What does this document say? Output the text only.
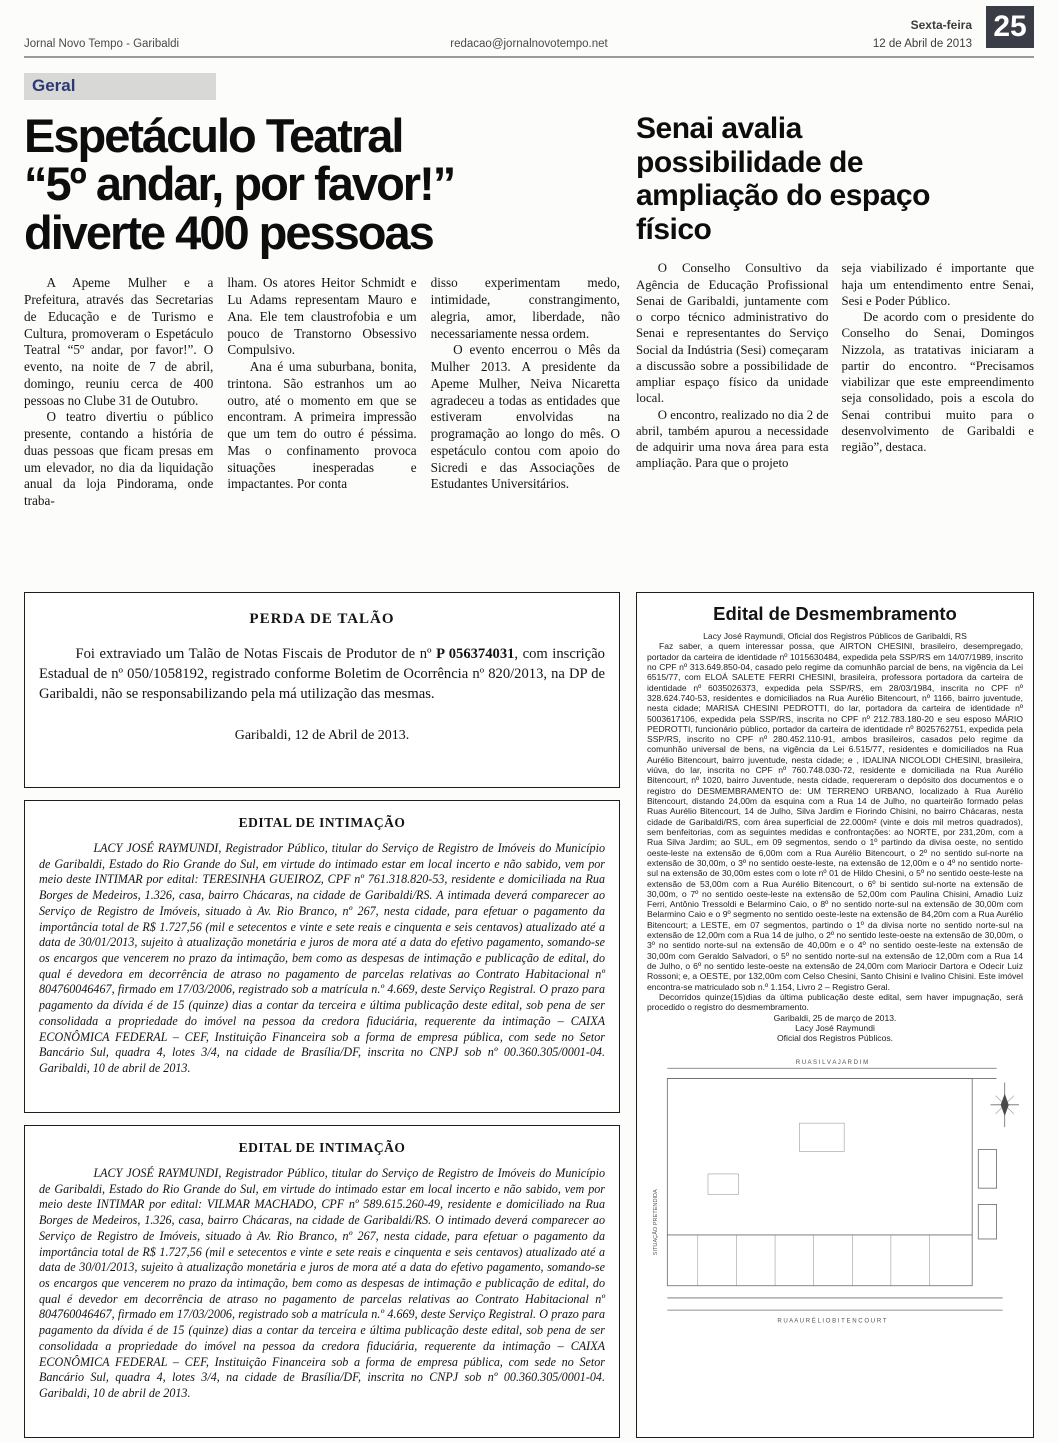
Jornal Novo Tempo - Garibaldi	redacao@jornalnovotempo.net
Sexta-feira
12 de Abril de 2013
25
Geral
Espetáculo Teatral
“5º andar, por favor!”
diverte 400 pessoas

A Apeme Mulher e a Prefeitura, através das Secretarias de Educação e de Turismo e Cultura, promoveram o Espetáculo Teatral “5º andar, por favor!”. O evento, na noite de 7 de abril, domingo, reuniu cerca de 400 pessoas no Clube 31 de Outubro.

O teatro divertiu o público presente, contando a história de duas pessoas que ficam presas em um elevador, no dia da liquidação anual da loja Pindorama, onde traba-

lham. Os atores Heitor Schmidt e Lu Adams representam Mauro e Ana. Ele tem claustrofobia e um pouco de Transtorno Obsessivo Compulsivo.

Ana é uma suburbana, bonita, trintona. São estranhos um ao outro, até o momento em que se encontram. A primeira impressão que um tem do outro é péssima. Mas o confinamento provoca situações inesperadas e impactantes. Por conta

disso experimentam medo, intimidade, constrangimento, alegria, amor, liberdade, não necessariamente nessa ordem.

O evento encerrou o Mês da Mulher 2013. A presidente da Apeme Mulher, Neiva Nicaretta agradeceu a todas as entidades que estiveram envolvidas na programação ao longo do mês. O espetáculo contou com apoio do Sicredi e das Associações de Estudantes Universitários.

Senai avalia possibilidade de ampliação do espaço físico

O Conselho Consultivo da Agência de Educação Profissional Senai de Garibaldi, juntamente com o corpo técnico administrativo do Senai e representantes do Serviço Social da Indústria (Sesi) começaram a discussão sobre a possibilidade de ampliar espaço físico da unidade local.

O encontro, realizado no dia 2 de abril, também apurou a necessidade de adquirir uma nova área para esta ampliação. Para que o projeto

seja viabilizado é importante que haja um entendimento entre Senai, Sesi e Poder Público.

De acordo com o presidente do Conselho do Senai, Domingos Nizzola, as tratativas iniciaram a partir do encontro. “Precisamos viabilizar que este empreendimento seja consolidado, pois a escola do Senai contribui muito para o desenvolvimento de Garibaldi e região”, destaca.

PERDA DE TALÃO

Foi extraviado um Talão de Notas Fiscais de Produtor de nº P 056374031, com inscrição Estadual de nº 050/1058192, registrado conforme Boletim de Ocorrência nº 820/2013, na DP de Garibaldi, não se responsabilizando pela má utilização das mesmas.

Garibaldi, 12 de Abril de 2013.

EDITAL DE INTIMAÇÃO

LACY JOSÉ RAYMUNDI, Registrador Público, titular do Serviço de Registro de Imóveis do Município de Garibaldi, Estado do Rio Grande do Sul, em virtude do intimado estar em local incerto e não sabido, vem por meio deste INTIMAR por edital: TERESINHA GUEIROZ, CPF nº 761.318.820-53, residente e domiciliada na Rua Borges de Medeiros, 1.326, casa, bairro Chácaras, na cidade de Garibaldi/RS. A intimada deverá comparecer ao Serviço de Registro de Imóveis, situado à Av. Rio Branco, nº 267, nesta cidade, para efetuar o pagamento da importância total de R$ 1.727,56 (mil e setecentos e vinte e sete reais e cinquenta e seis centavos) atualizado até a data de 30/01/2013, sujeito à atualização monetária e juros de mora até a data do efetivo pagamento, somando-se os encargos que vencerem no prazo da intimação, bem como as despesas de intimação e publicação de edital, do qual é devedora em decorrência de atraso no pagamento de parcelas relativas ao Contrato Habitacional nº 804760046467, firmado em 17/03/2006, registrado sob a matrícula n.º 4.669, deste Serviço Registral. O prazo para pagamento da dívida é de 15 (quinze) dias a contar da terceira e última publicação deste edital, sob pena de ser consolidada a propriedade do imóvel na pessoa da credora fiduciária, requerente da intimação – CAIXA ECONÔMICA FEDERAL – CEF, Instituição Financeira sob a forma de empresa pública, com sede no Setor Bancário Sul, quadra 4, lotes 3/4, na cidade de Brasília/DF, inscrita no CNPJ sob nº 00.360.305/0001-04. Garibaldi, 10 de abril de 2013.

EDITAL DE INTIMAÇÃO

LACY JOSÉ RAYMUNDI, Registrador Público, titular do Serviço de Registro de Imóveis do Município de Garibaldi, Estado do Rio Grande do Sul, em virtude do intimado estar em local incerto e não sabido, vem por meio deste INTIMAR por edital: VILMAR MACHADO, CPF nº 589.615.260-49, residente e domiciliado na Rua Borges de Medeiros, 1.326, casa, bairro Chácaras, na cidade de Garibaldi/RS. O intimado deverá comparecer ao Serviço de Registro de Imóveis, situado à Av. Rio Branco, nº 267, nesta cidade, para efetuar o pagamento da importância total de R$ 1.727,56 (mil e setecentos e vinte e sete reais e cinquenta e seis centavos) atualizado até a data de 30/01/2013, sujeito à atualização monetária e juros de mora até a data do efetivo pagamento, somando-se os encargos que vencerem no prazo da intimação, bem como as despesas de intimação e publicação de edital, do qual é devedor em decorrência de atraso no pagamento de parcelas relativas ao Contrato Habitacional nº 804760046467, firmado em 17/03/2006, registrado sob a matrícula n.º 4.669, deste Serviço Registral. O prazo para pagamento da dívida é de 15 (quinze) dias a contar da terceira e última publicação deste edital, sob pena de ser consolidada a propriedade do imóvel na pessoa da credora fiduciária, requerente da intimação – CAIXA ECONÔMICA FEDERAL – CEF, Instituição Financeira sob a forma de empresa pública, com sede no Setor Bancário Sul, quadra 4, lotes 3/4, na cidade de Brasília/DF, inscrita no CNPJ sob nº 00.360.305/0001-04. Garibaldi, 10 de abril de 2013.

Edital de Desmembramento

Lacy José Raymundi, Oficial dos Registros Públicos de Garibaldi, RS

Faz saber, a quem interessar possa, que AIRTON CHESINI, brasileiro, desempregado, portador da carteira de identidade nº 1015630484, expedida pela SSP/RS em 14/07/1989, inscrito no CPF nº 313.649.850-04, casado pelo regime da comunhão parcial de bens, na vigência da Lei 6515/77, com ELOÁ SALETE FERRI CHESINI, brasileira, professora portadora da carteira de identidade nº 6035026373, expedida pela SSP/RS, em 28/03/1984, inscrita no CPF nº 328.624.740-53, residentes e domiciliados na Rua Aurélio Bitencourt, nº 1166, bairro juventude, nesta cidade; MARISA CHESINI PEDROTTI, do lar, portadora da carteira de identidade nº 5003617106, expedida pela SSP/RS, inscrita no CPF nº 212.783.180-20 e seu esposo MÁRIO PEDROTTI, funcionário público, portador da carteira de identidade nº 8025762751, expedida pela SSP/RS, inscrito no CPF nº 280.452.110-91, ambos brasileiros, casados pelo regime da comunhão universal de bens, na vigência da Lei 6.515/77, residentes e domiciliados na Rua Aurélio Bitencourt, bairro juventude, nesta cidade; e , IDALINA NICOLODI CHESINI, brasileira, viúva, do lar, inscrita no CPF nº 760.748.030-72, residente e domiciliada na Rua Aurélio Bitencourt, nº 1020, bairro Juventude, nesta cidade, requereram o depósito dos documentos e o registro do DESMEMBRAMENTO de: UM TERRENO URBANO, localizado à Rua Aurélio Bitencourt, distando 24,00m da esquina com a Rua 14 de Julho, no quarteirão formado pelas Ruas Aurélio Bitencourt, 14 de Julho, Silva Jardim e Fiorindo Chisini, no bairro Chácaras, nesta cidade de Garibaldi/RS, com área superficial de 22.000m² (vinte e dois mil metros quadrados), sem benfeitorias, com as seguintes medidas e confrontações: ao NORTE, por 231,20m, com a Rua Silva Jardim; ao SUL, em 09 segmentos, sendo o 1º partindo da divisa oeste, no sentido oeste-leste na extensão de 6,00m com a Rua Aurélio Bitencourt, o 2º no sentido sul-norte na extensão de 30,00m, o 3º no sentido oeste-leste, na extensão de 12,00m e o 4º no sentido norte-sul na extensão de 30,00m estes com o lote nº 01 de Hildo Chesini, o 5º no sentido oeste-leste na extensão de 53,00m com a Rua Aurélio Bitencourt, o 6º bi sentido sul-norte na extensão de 30,00m, o 7º no sentido oeste-leste na extensão de 52,00m com Paulina Chisini, Amadio Luiz Ferri, Antônio Tressoldi e Belarmino Caio, o 8º no sentido norte-sul na extensão de 30,00m com Belarmino Caio e o 9º segmento no sentido oeste-leste na extensão de 84,20m com a Rua Aurélio Bitencourt; a LESTE, em 07 segmentos, partindo o 1º da divisa norte no sentido norte-sul na extensão de 12,00m com a Rua 14 de julho, o 2º no sentido leste-oeste na extensão de 30,00m, o 3º no sentido norte-sul na extensão de 40,00m e o 4º no sentido oeste-leste na extensão de 30,00m com Geraldo Salvadori, o 5º no sentido norte-sul na extensão de 12,00m com a Rua 14 de Julho, o 6º no sentido leste-oeste na extensão de 24,00m com Mariocir Dartora e Odecir Luiz Rossoni; e, a OESTE, por 132,00m com Celso Chesini, Santo Chisini e Ivalino Chisini. Este imóvel encontra-se matriculado sob n.º 1.154, Livro 2 – Registro Geral.

Decorridos quinze(15)dias da última publicação deste edital, sem haver impugnação, será procedido o registro do desmembramento.

Garibaldi, 25 de março de 2013.

Lacy José Raymundi

Oficial dos Registros Públicos.

R U A S I L V A J A R D I M
R U A A U R É L I O B I T E N C O U R T
SITUAÇÃO PRETENDIDA
